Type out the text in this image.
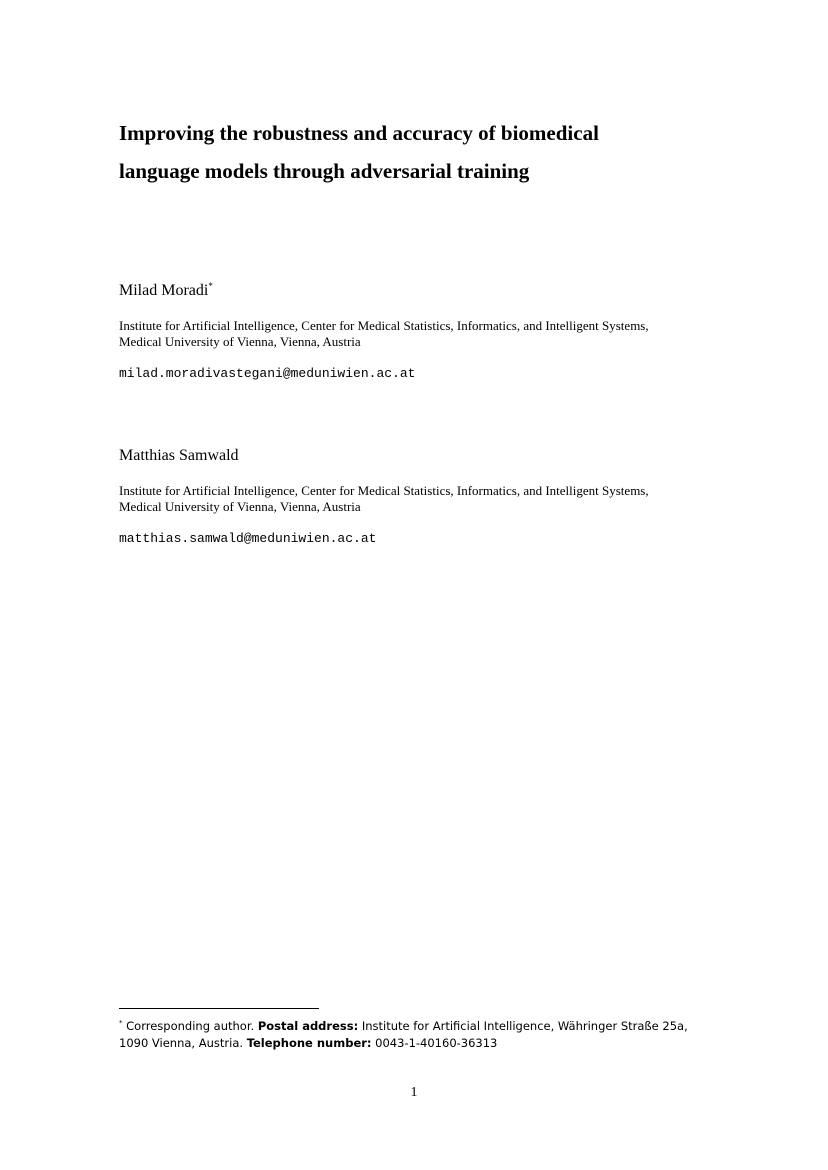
Improving the robustness and accuracy of biomedical
language models through adversarial training

Milad Moradi*

Institute for Artificial Intelligence, Center for Medical Statistics, Informatics, and Intelligent Systems,
Medical University of Vienna, Vienna, Austria

milad.moradivastegani@meduniwien.ac.at

Matthias Samwald

Institute for Artificial Intelligence, Center for Medical Statistics, Informatics, and Intelligent Systems,
Medical University of Vienna, Vienna, Austria

matthias.samwald@meduniwien.ac.at

* Corresponding author. Postal address: Institute for Artificial Intelligence, Währinger Straße 25a, 1090 Vienna, Austria. Telephone number: 0043-1-40160-36313

1
